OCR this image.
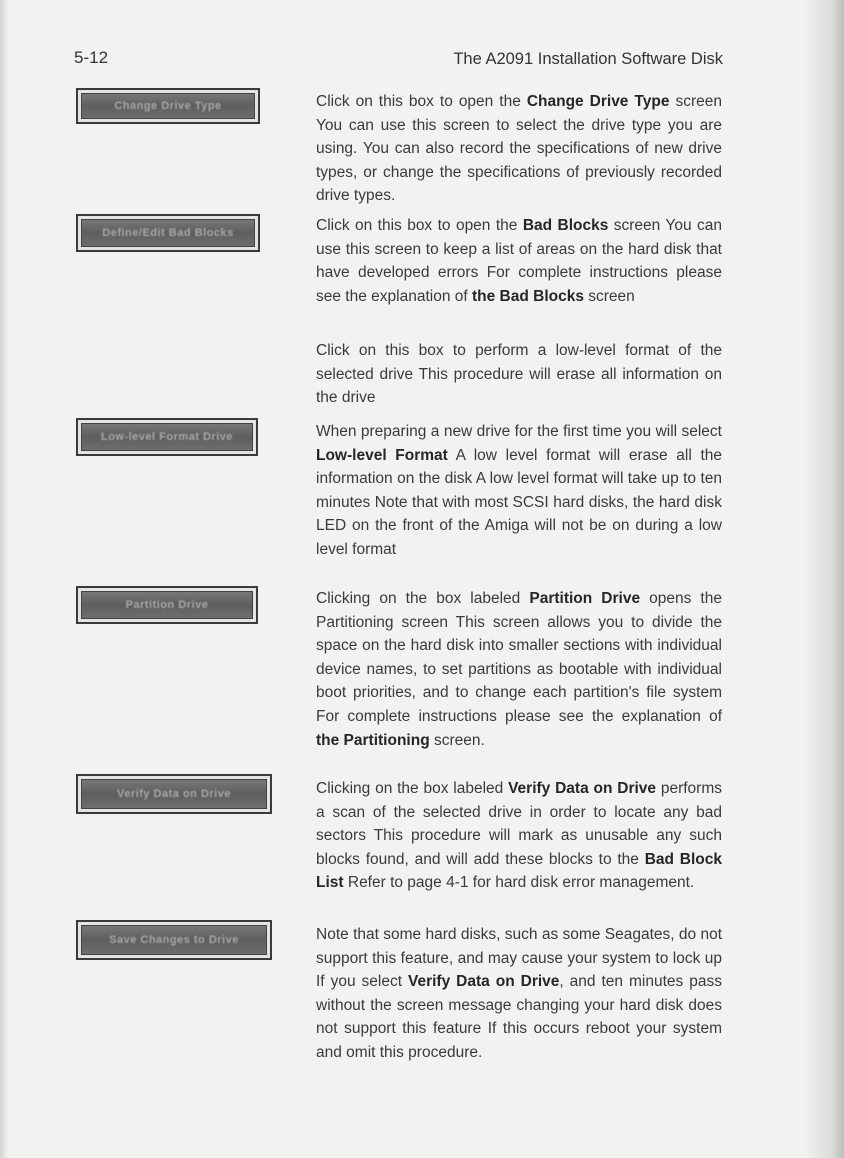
5-12	The A2091 Installation Software Disk
Change Drive Type
Define/Edit Bad Blocks
Low-level Format Drive
Partition Drive
Verify Data on Drive
Save Changes to Drive

Click on this box to open the Change Drive Type screen You can use this screen to select the drive type you are using. You can also record the specifications of new drive types, or change the specifications of previously recorded drive types.

Click on this box to open the Bad Blocks screen You can use this screen to keep a list of areas on the hard disk that have developed errors For complete instructions please see the explanation of the Bad Blocks screen

Click on this box to perform a low-level format of the selected drive This procedure will erase all information on the drive

When preparing a new drive for the first time you will select Low-level Format A low level format will erase all the information on the disk A low level format will take up to ten minutes Note that with most SCSI hard disks, the hard disk LED on the front of the Amiga will not be on during a low level format

Clicking on the box labeled Partition Drive opens the Partitioning screen This screen allows you to divide the space on the hard disk into smaller sections with individual device names, to set partitions as bootable with individual boot priorities, and to change each partition's file system For complete instructions please see the explanation of the Partitioning screen.

Clicking on the box labeled Verify Data on Drive performs a scan of the selected drive in order to locate any bad sectors This procedure will mark as unusable any such blocks found, and will add these blocks to the Bad Block List Refer to page 4-1 for hard disk error management.

Note that some hard disks, such as some Seagates, do not support this feature, and may cause your system to lock up If you select Verify Data on Drive, and ten minutes pass without the screen message changing your hard disk does not support this feature If this occurs reboot your system and omit this procedure.
